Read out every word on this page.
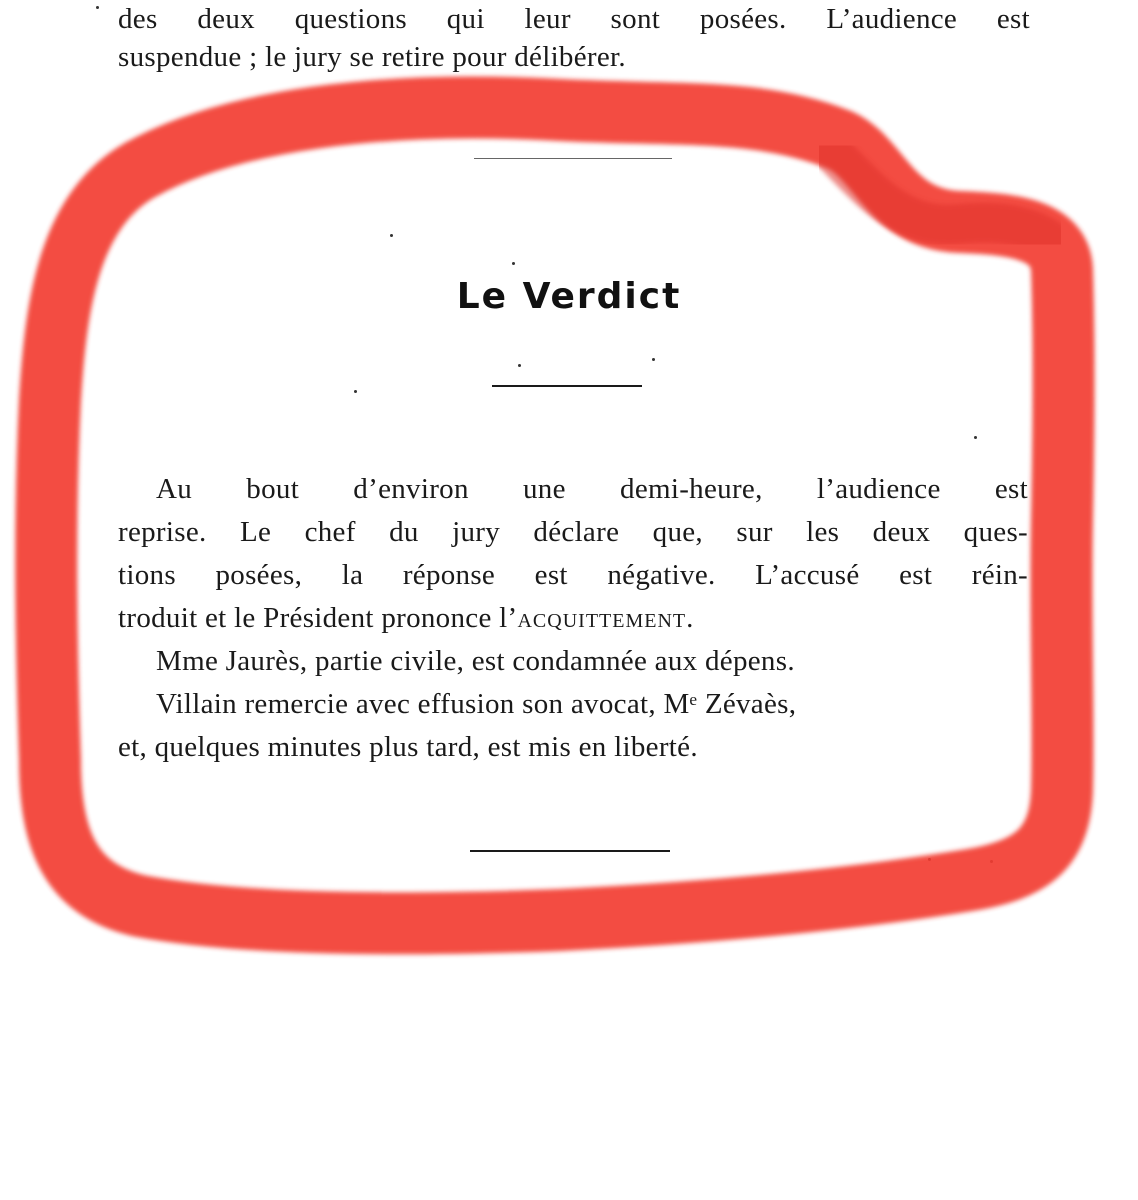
des deux questions qui leur sont posées. L’audience est
suspendue ; le jury se retire pour délibérer.
Le Verdict
Au bout d’environ une demi-heure, l’audience est
reprise. Le chef du jury déclare que, sur les deux ques-
tions posées, la réponse est négative. L’accusé est réin-
troduit et le Président prononce l’acquittement.
Mme Jaurès, partie civile, est condamnée aux dépens.
Villain remercie avec effusion son avocat, Mᵉ Zévaès,
et, quelques minutes plus tard, est mis en liberté.
